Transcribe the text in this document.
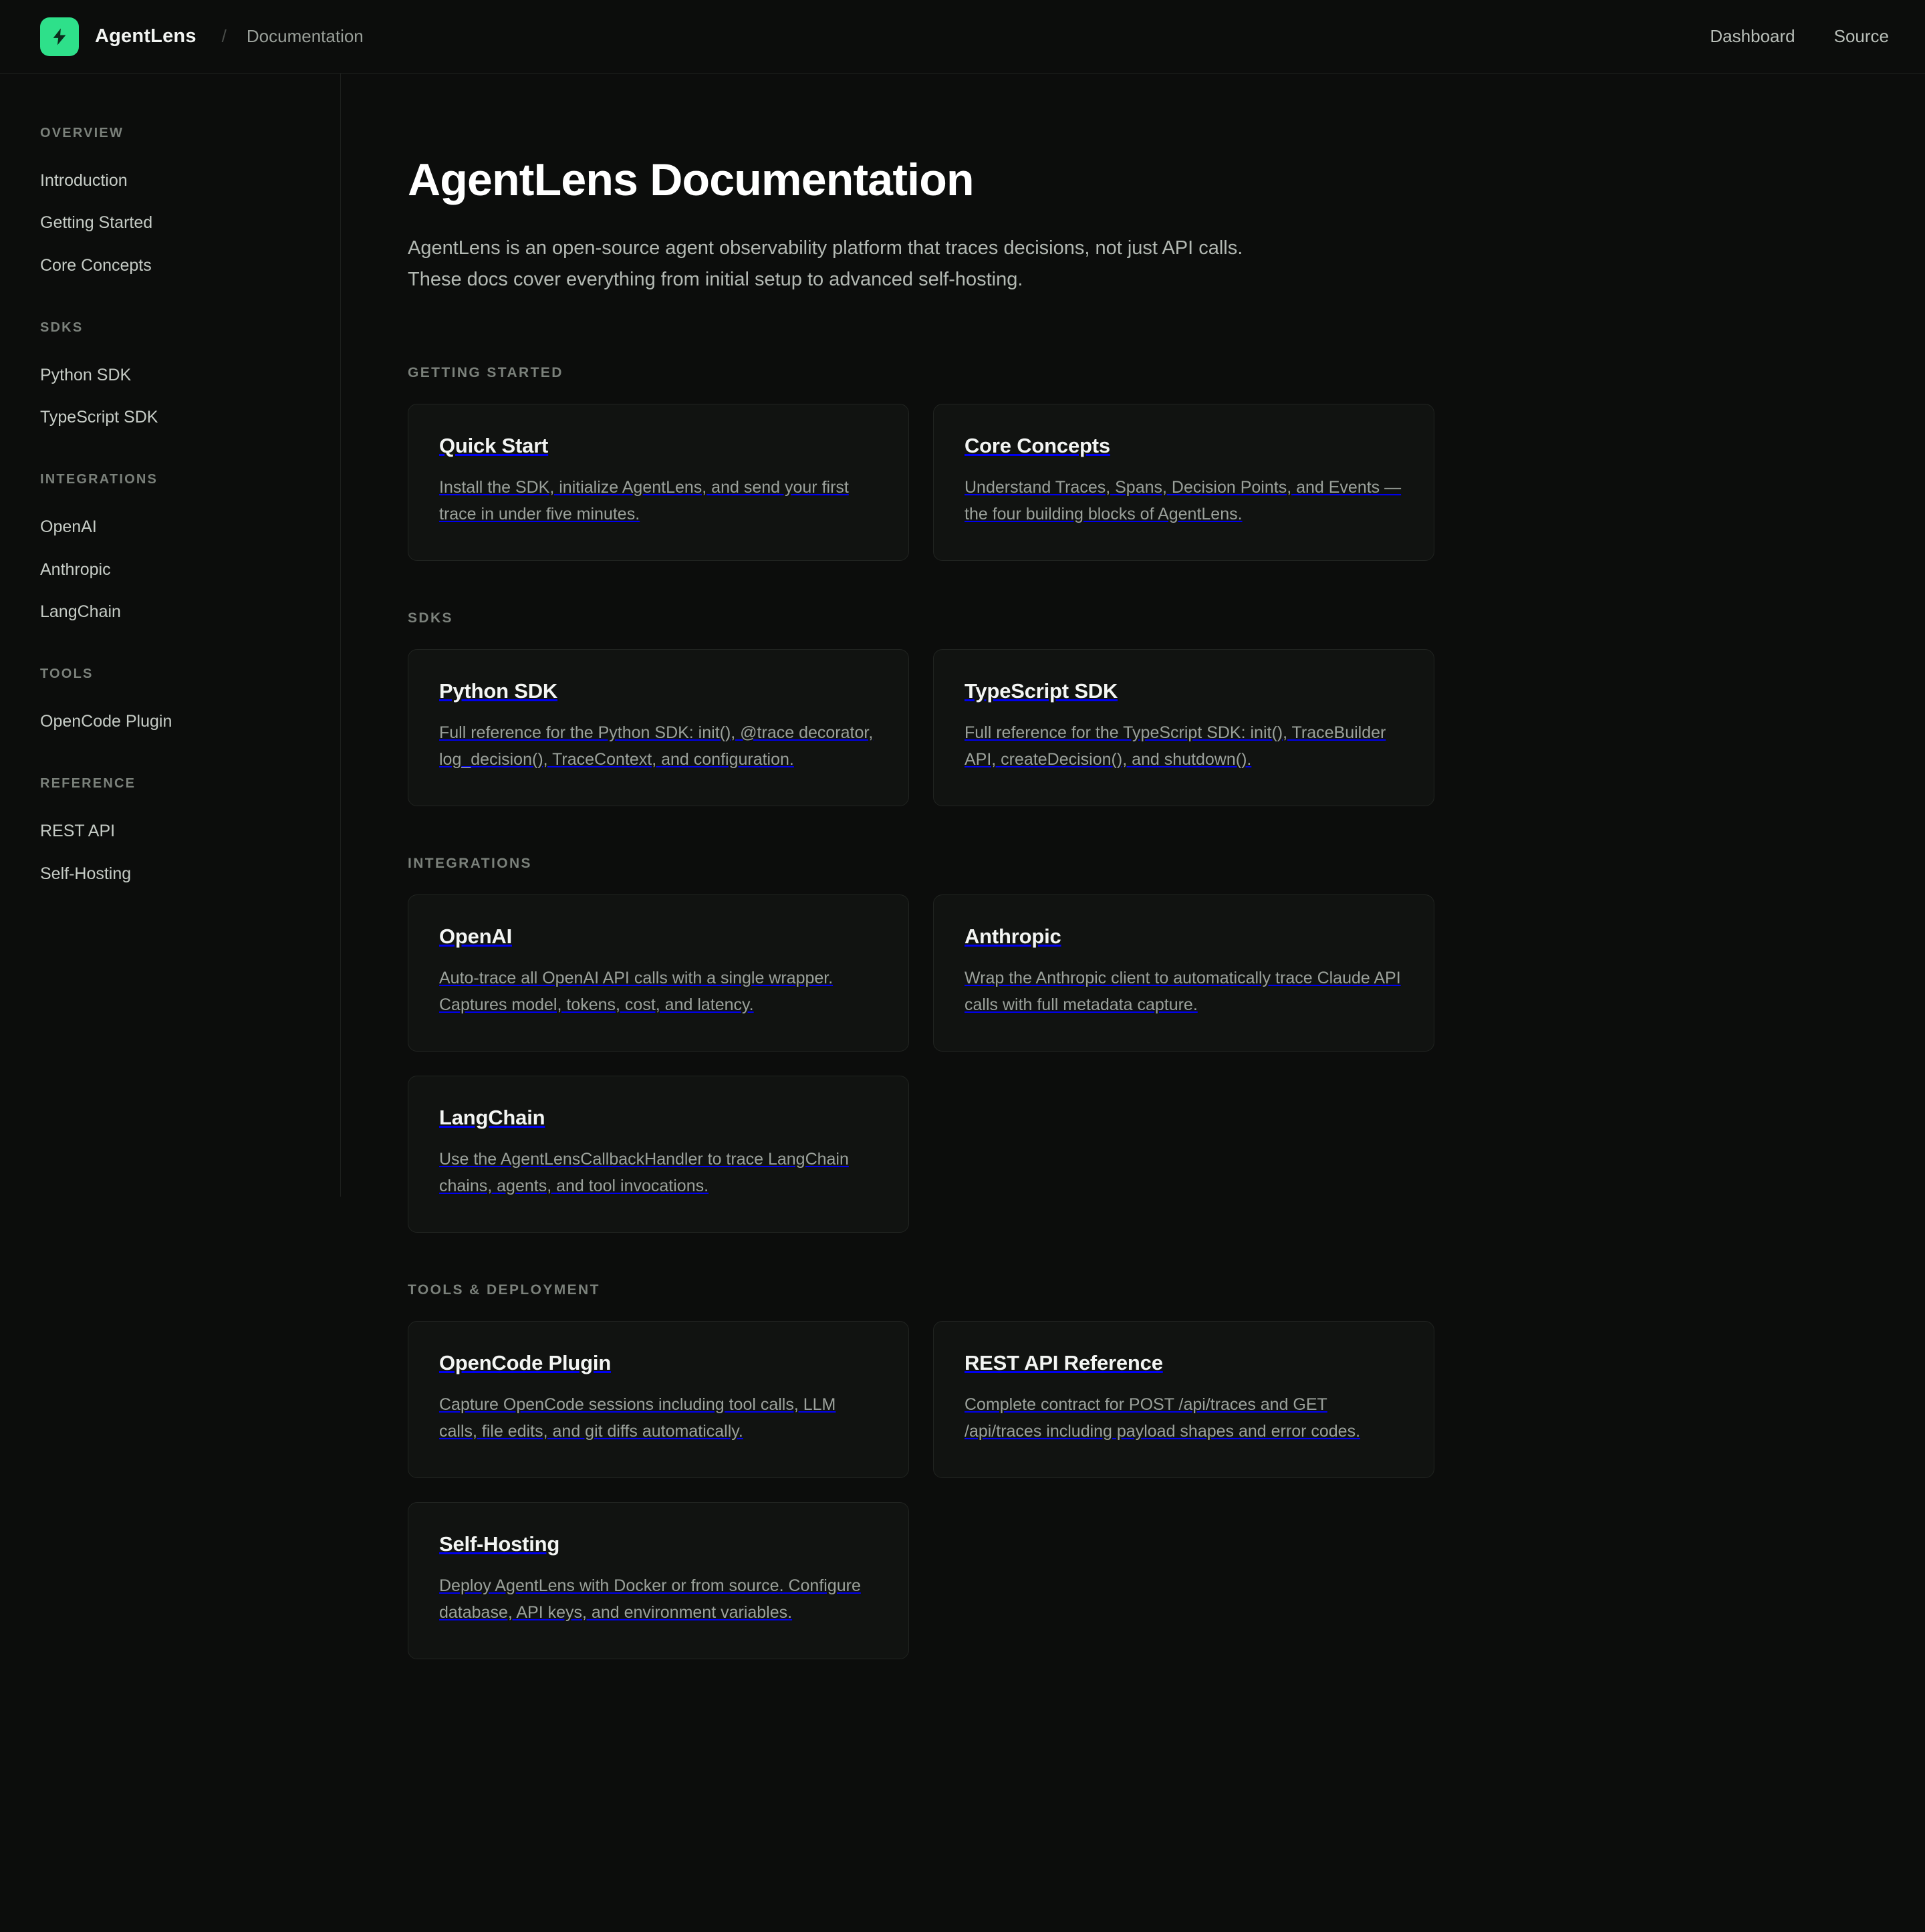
AgentLens / Documentation	Dashboard Source
OVERVIEW
Introduction
Getting Started
Core Concepts
SDKS
Python SDK
TypeScript SDK
INTEGRATIONS
OpenAI
Anthropic
LangChain
TOOLS
OpenCode Plugin
REFERENCE
REST API
Self-Hosting
AgentLens Documentation

AgentLens is an open-source agent observability platform that traces decisions, not just API calls. These docs cover everything from initial setup to advanced self-hosting.

GETTING STARTED
Quick Start
Install the SDK, initialize AgentLens, and send your first trace in under five minutes.
Core Concepts
Understand Traces, Spans, Decision Points, and Events — the four building blocks of AgentLens.
SDKS
Python SDK
Full reference for the Python SDK: init(), @trace decorator, log_decision(), TraceContext, and configuration.
TypeScript SDK
Full reference for the TypeScript SDK: init(), TraceBuilder API, createDecision(), and shutdown().
INTEGRATIONS
OpenAI
Auto-trace all OpenAI API calls with a single wrapper. Captures model, tokens, cost, and latency.
Anthropic
Wrap the Anthropic client to automatically trace Claude API calls with full metadata capture.
LangChain
Use the AgentLensCallbackHandler to trace LangChain chains, agents, and tool invocations.
TOOLS & DEPLOYMENT
OpenCode Plugin
Capture OpenCode sessions including tool calls, LLM calls, file edits, and git diffs automatically.
REST API Reference
Complete contract for POST /api/traces and GET /api/traces including payload shapes and error codes.
Self-Hosting
Deploy AgentLens with Docker or from source. Configure database, API keys, and environment variables.
